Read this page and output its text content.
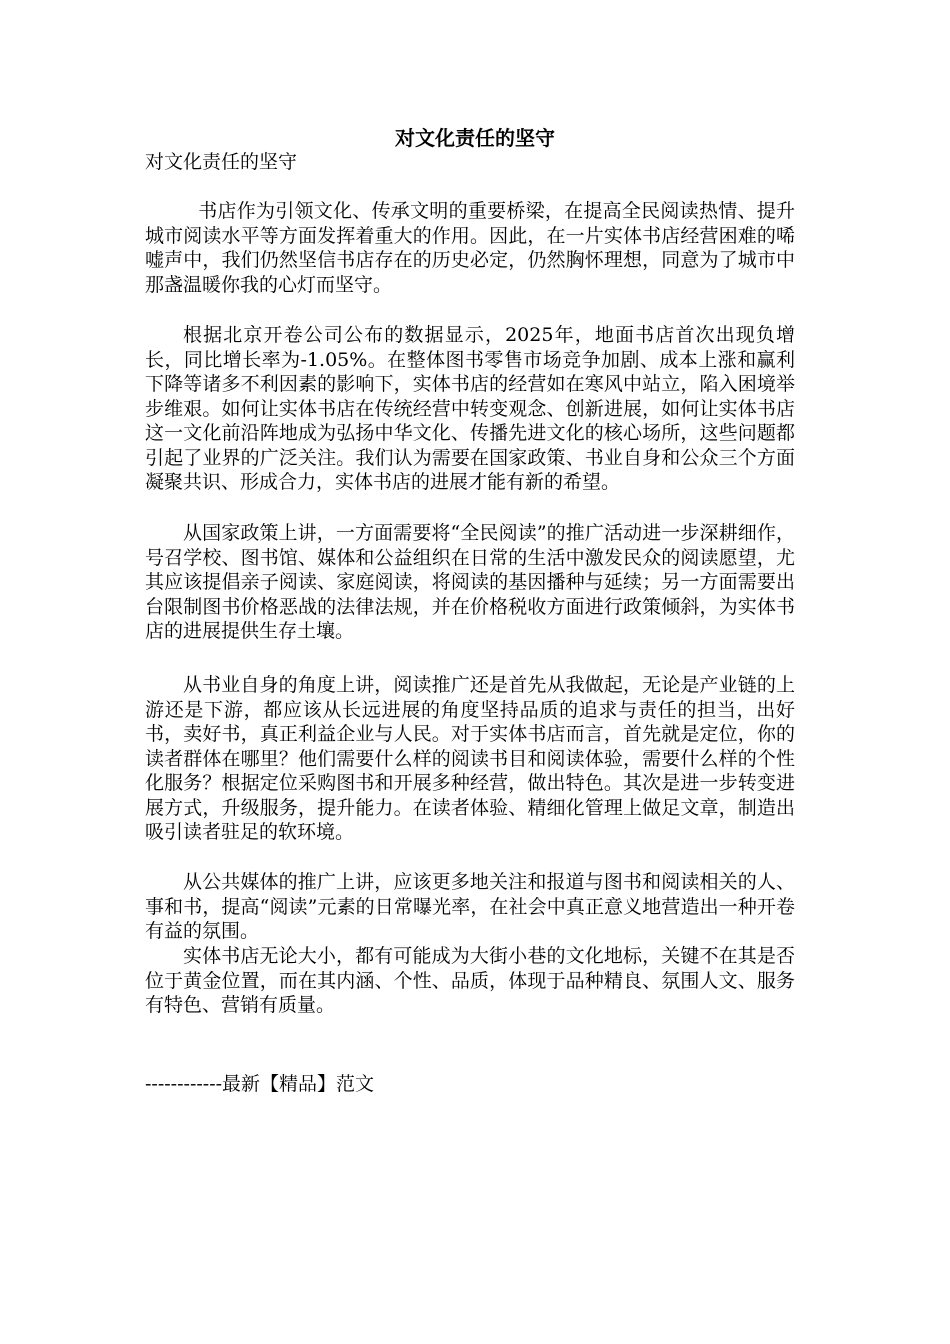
对文化责任的坚守

对文化责任的坚守

书店作为引领文化、传承文明的重要桥梁，在提高全民阅读热情、提升城市阅读水平等方面发挥着重大的作用。因此，在一片实体书店经营困难的唏嘘声中，我们仍然坚信书店存在的历史必定，仍然胸怀理想，同意为了城市中那盏温暖你我的心灯而坚守。

根据北京开卷公司公布的数据显示，2025年，地面书店首次出现负增长，同比增长率为-1.05%。在整体图书零售市场竞争加剧、成本上涨和赢利下降等诸多不利因素的影响下，实体书店的经营如在寒风中站立，陷入困境举步维艰。如何让实体书店在传统经营中转变观念、创新进展，如何让实体书店这一文化前沿阵地成为弘扬中华文化、传播先进文化的核心场所，这些问题都引起了业界的广泛关注。我们认为需要在国家政策、书业自身和公众三个方面凝聚共识、形成合力，实体书店的进展才能有新的希望。

从国家政策上讲，一方面需要将“全民阅读”的推广活动进一步深耕细作，号召学校、图书馆、媒体和公益组织在日常的生活中激发民众的阅读愿望，尤其应该提倡亲子阅读、家庭阅读，将阅读的基因播种与延续；另一方面需要出台限制图书价格恶战的法律法规，并在价格税收方面进行政策倾斜，为实体书店的进展提供生存土壤。

从书业自身的角度上讲，阅读推广还是首先从我做起，无论是产业链的上游还是下游，都应该从长远进展的角度坚持品质的追求与责任的担当，出好书，卖好书，真正利益企业与人民。对于实体书店而言，首先就是定位，你的读者群体在哪里？他们需要什么样的阅读书目和阅读体验，需要什么样的个性化服务？根据定位采购图书和开展多种经营，做出特色。其次是进一步转变进展方式，升级服务，提升能力。在读者体验、精细化管理上做足文章，制造出吸引读者驻足的软环境。

从公共媒体的推广上讲，应该更多地关注和报道与图书和阅读相关的人、事和书，提高“阅读”元素的日常曝光率，在社会中真正意义地营造出一种开卷有益的氛围。

实体书店无论大小，都有可能成为大街小巷的文化地标，关键不在其是否位于黄金位置，而在其内涵、个性、品质，体现于品种精良、氛围人文、服务有特色、营销有质量。

------------最新【精品】范文
